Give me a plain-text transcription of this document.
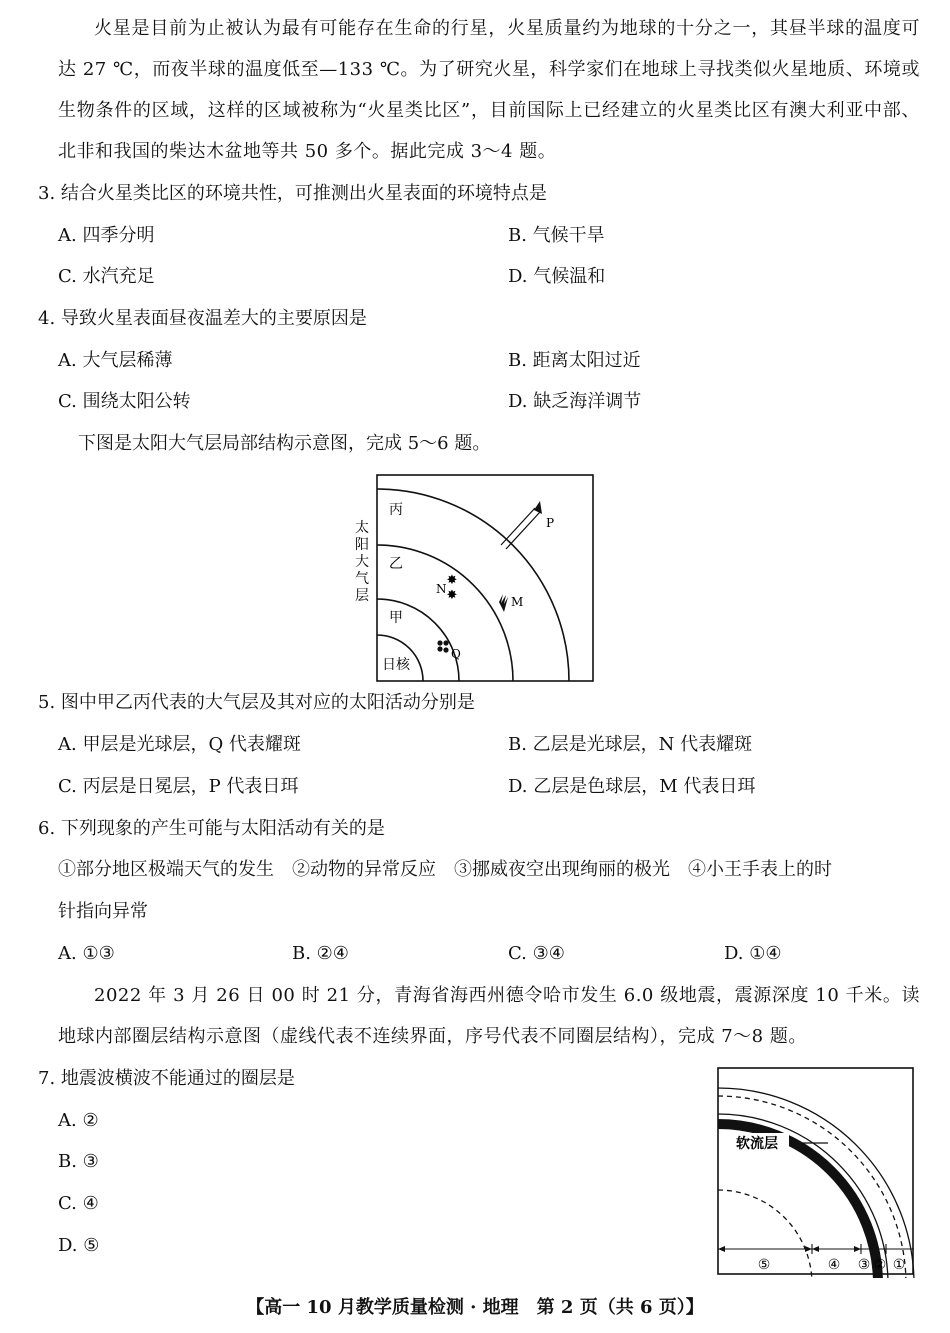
火星是目前为止被认为最有可能存在生命的行星，火星质量约为地球的十分之一，其昼半球的温度可达 27 ℃，而夜半球的温度低至—133 ℃。为了研究火星，科学家们在地球上寻找类似火星地质、环境或生物条件的区域，这样的区域被称为“火星类比区”，目前国际上已经建立的火星类比区有澳大利亚中部、北非和我国的柴达木盆地等共 50 多个。据此完成 3～4 题。
3. 结合火星类比区的环境共性，可推测出火星表面的环境特点是
A. 四季分明	B. 气候干旱
C. 水汽充足	D. 气候温和
4. 导致火星表面昼夜温差大的主要原因是
A. 大气层稀薄	B. 距离太阳过近
C. 围绕太阳公转	D. 缺乏海洋调节
下图是太阳大气层局部结构示意图，完成 5～6 题。
太
阳
大
气
层
丙
乙
甲
日核
P
✸
✸
N
M
Q
5. 图中甲乙丙代表的大气层及其对应的太阳活动分别是
A. 甲层是光球层，Q 代表耀斑	B. 乙层是光球层，N 代表耀斑
C. 丙层是日冕层，P 代表日珥	D. 乙层是色球层，M 代表日珥
6. 下列现象的产生可能与太阳活动有关的是
①部分地区极端天气的发生　②动物的异常反应　③挪威夜空出现绚丽的极光　④小王手表上的时
针指向异常
A. ①③	B. ②④	C. ③④	D. ①④
2022 年 3 月 26 日 00 时 21 分，青海省海西州德令哈市发生 6.0 级地震，震源深度 10 千米。读地球内部圈层结构示意图（虚线代表不连续界面，序号代表不同圈层结构），完成 7～8 题。
7. 地震波横波不能通过的圈层是
A. ②
B. ③
C. ④
D. ⑤
软流层
⑤	④ ③ ② ①
【高一 10 月教学质量检测 · 地理　第 2 页（共 6 页）】
